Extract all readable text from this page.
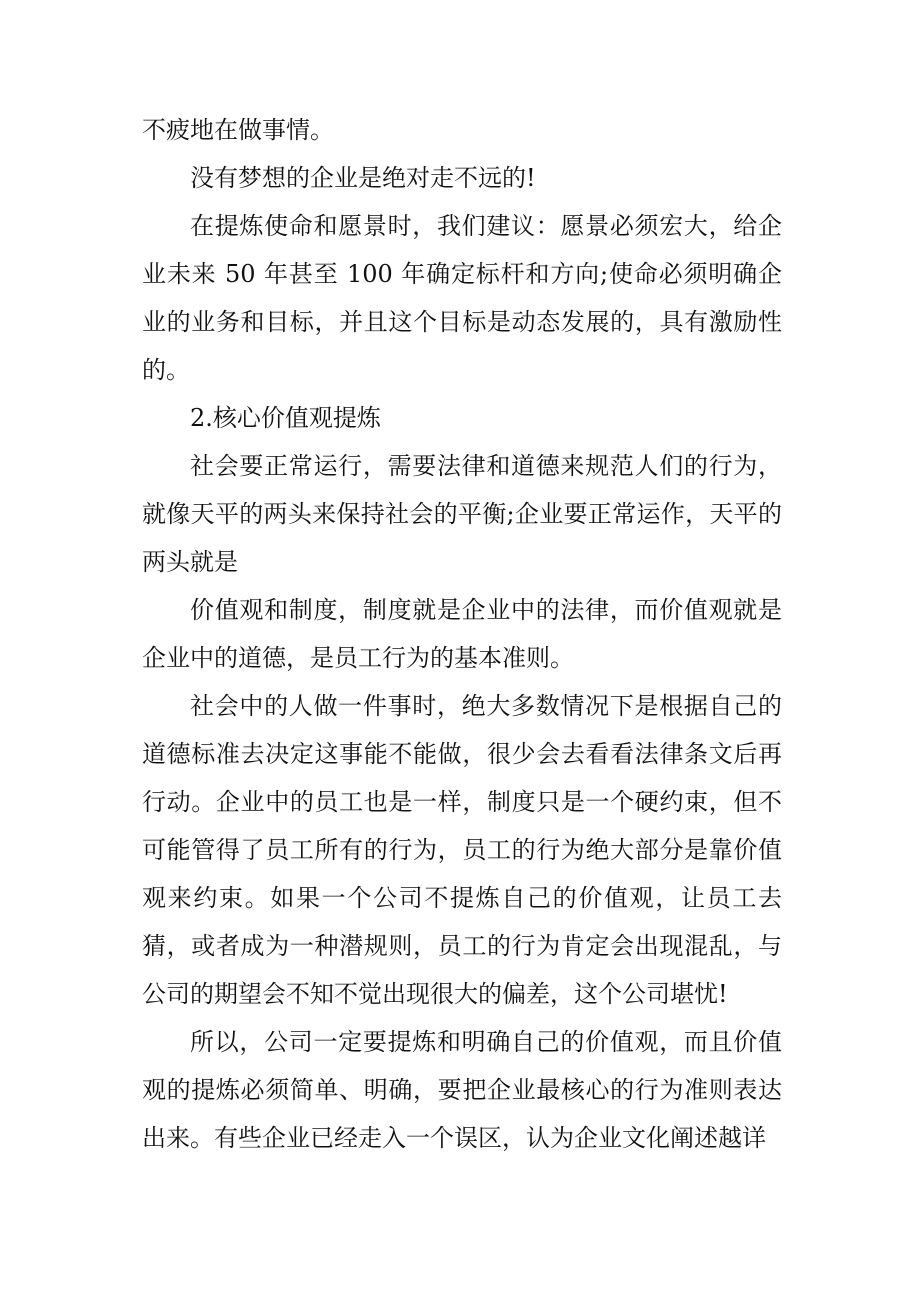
不疲地在做事情。

没有梦想的企业是绝对走不远的!

在提炼使命和愿景时，我们建议：愿景必须宏大，给企业未来 50 年甚至 100 年确定标杆和方向;使命必须明确企业的业务和目标，并且这个目标是动态发展的，具有激励性的。

2.核心价值观提炼

社会要正常运行，需要法律和道德来规范人们的行为，就像天平的两头来保持社会的平衡;企业要正常运作，天平的两头就是

价值观和制度，制度就是企业中的法律，而价值观就是企业中的道德，是员工行为的基本准则。

社会中的人做一件事时，绝大多数情况下是根据自己的道德标准去决定这事能不能做，很少会去看看法律条文后再行动。企业中的员工也是一样，制度只是一个硬约束，但不可能管得了员工所有的行为，员工的行为绝大部分是靠价值观来约束。如果一个公司不提炼自己的价值观，让员工去猜，或者成为一种潜规则，员工的行为肯定会出现混乱，与公司的期望会不知不觉出现很大的偏差，这个公司堪忧!

所以，公司一定要提炼和明确自己的价值观，而且价值观的提炼必须简单、明确，要把企业最核心的行为准则表达出来。有些企业已经走入一个误区，认为企业文化阐述越详
